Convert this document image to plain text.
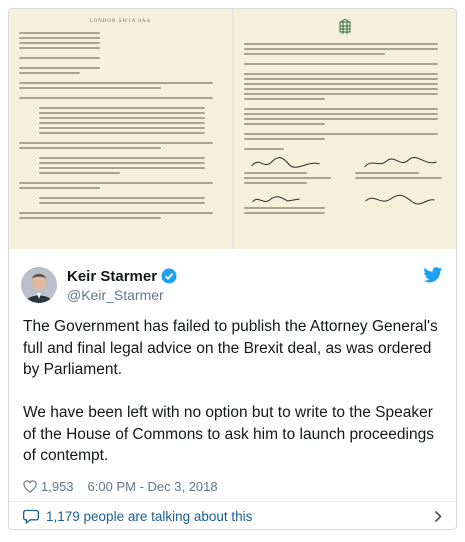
LONDON SW1A 0AA
Keir Starmer
@Keir_Starmer
The Government has failed to publish the Attorney General's full and final legal advice on the Brexit deal, as was ordered by Parliament.

We have been left with no option but to write to the Speaker of the House of Commons to ask him to launch proceedings of contempt.
1,953 6:00 PM - Dec 3, 2018
1,179 people are talking about this
